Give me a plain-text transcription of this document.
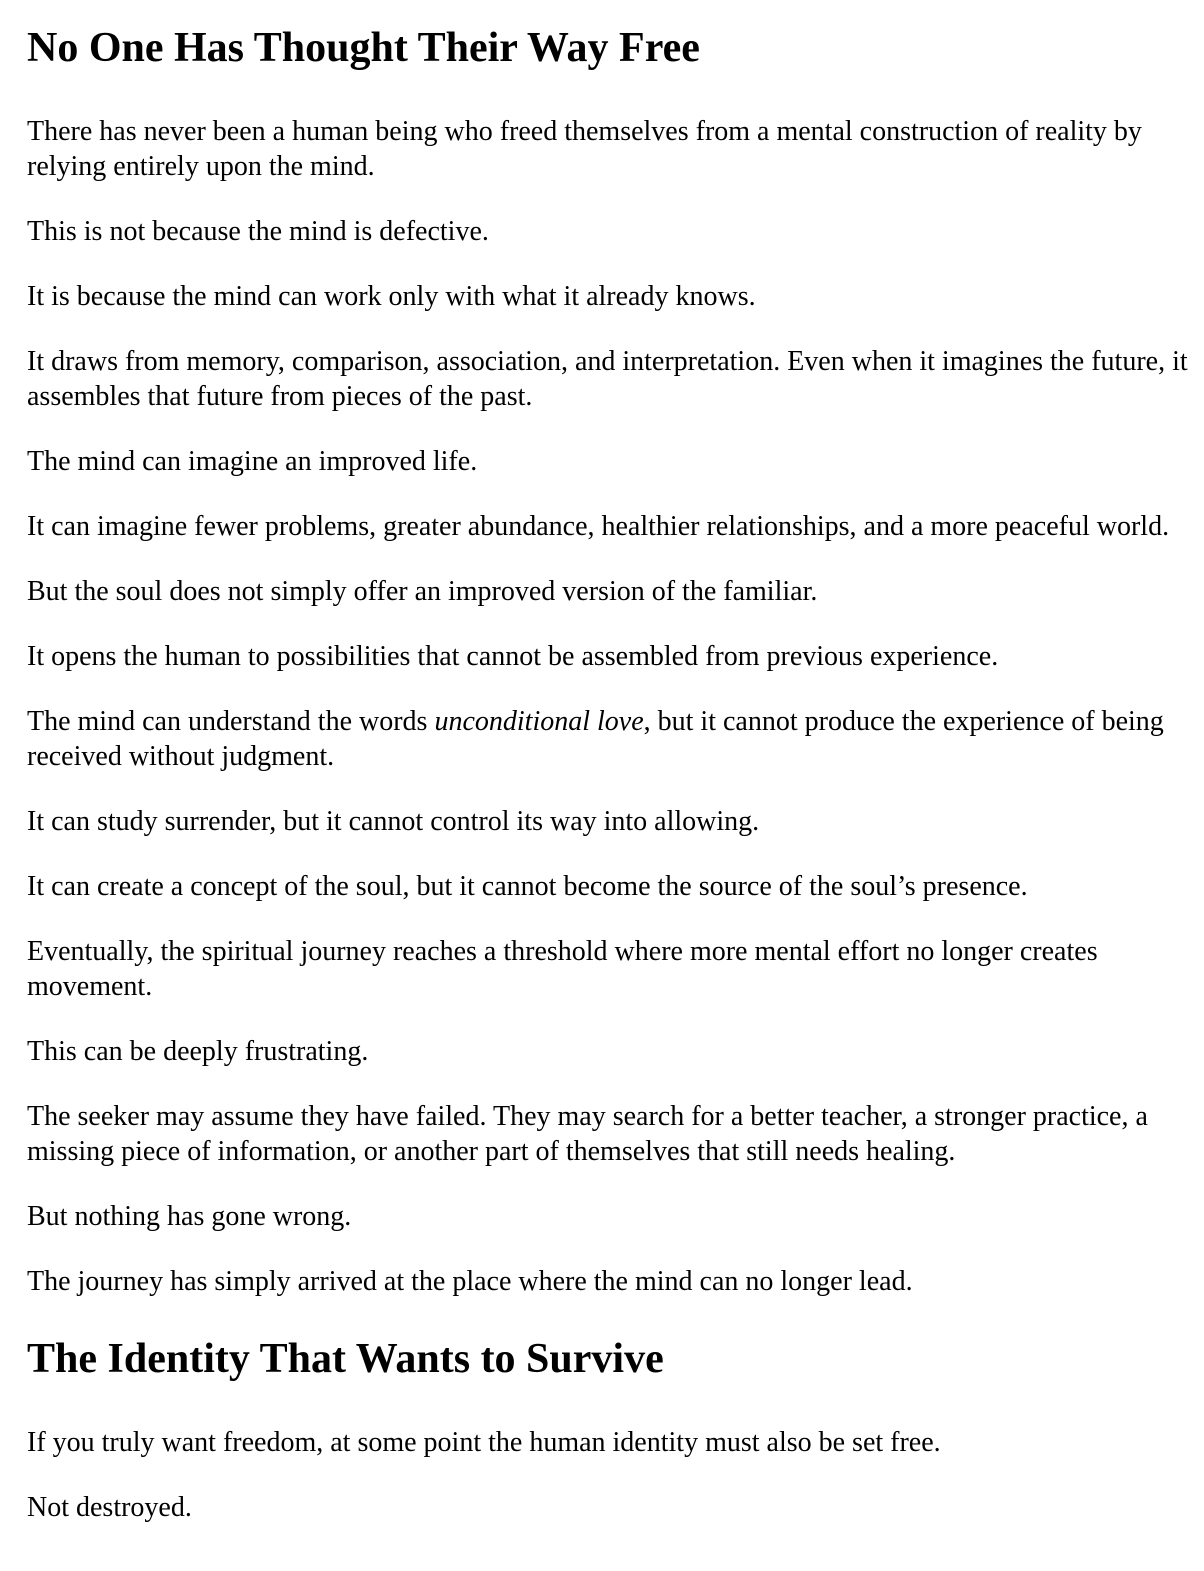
No One Has Thought Their Way Free

There has never been a human being who freed themselves from a mental construction of reality by relying entirely upon the mind.

This is not because the mind is defective.

It is because the mind can work only with what it already knows.

It draws from memory, comparison, association, and interpretation. Even when it imagines the future, it assembles that future from pieces of the past.

The mind can imagine an improved life.

It can imagine fewer problems, greater abundance, healthier relationships, and a more peaceful world.

But the soul does not simply offer an improved version of the familiar.

It opens the human to possibilities that cannot be assembled from previous experience.

The mind can understand the words unconditional love, but it cannot produce the experience of being received without judgment.

It can study surrender, but it cannot control its way into allowing.

It can create a concept of the soul, but it cannot become the source of the soul’s presence.

Eventually, the spiritual journey reaches a threshold where more mental effort no longer creates movement.

This can be deeply frustrating.

The seeker may assume they have failed. They may search for a better teacher, a stronger practice, a missing piece of information, or another part of themselves that still needs healing.

But nothing has gone wrong.

The journey has simply arrived at the place where the mind can no longer lead.

The Identity That Wants to Survive

If you truly want freedom, at some point the human identity must also be set free.

Not destroyed.
